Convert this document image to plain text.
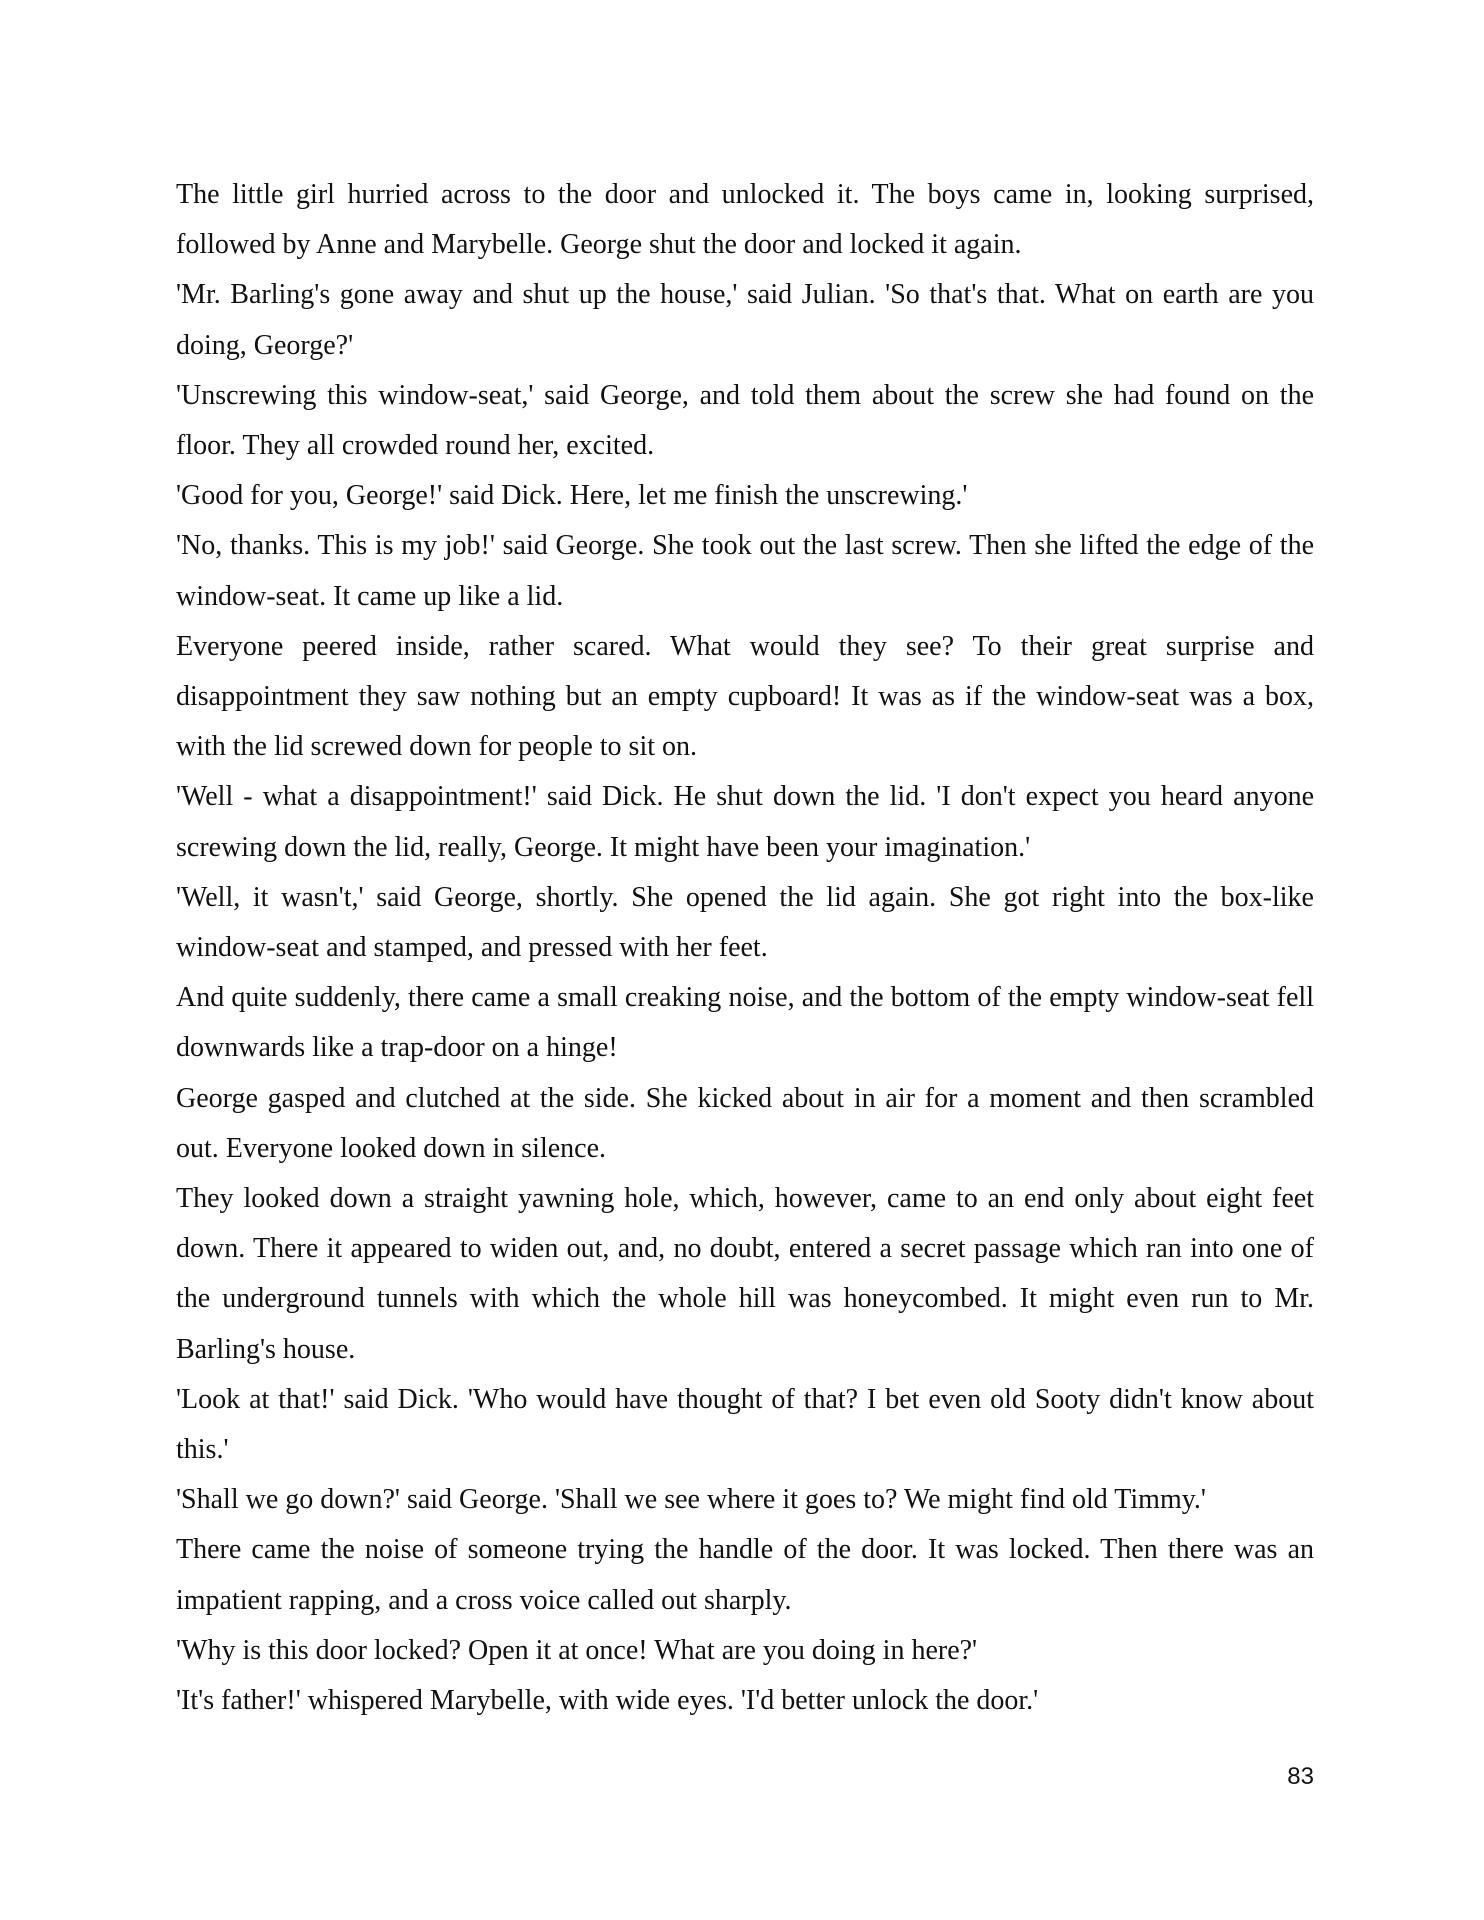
The little girl hurried across to the door and unlocked it. The boys came in, looking surprised, followed by Anne and Marybelle. George shut the door and locked it again.

'Mr. Barling's gone away and shut up the house,' said Julian. 'So that's that. What on earth are you doing, George?'

'Unscrewing this window-seat,' said George, and told them about the screw she had found on the floor. They all crowded round her, excited.

'Good for you, George!' said Dick. Here, let me finish the unscrewing.'

'No, thanks. This is my job!' said George. She took out the last screw. Then she lifted the edge of the window-seat. It came up like a lid.

Everyone peered inside, rather scared. What would they see? To their great surprise and disappointment they saw nothing but an empty cupboard! It was as if the window-seat was a box, with the lid screwed down for people to sit on.

'Well - what a disappointment!' said Dick. He shut down the lid. 'I don't expect you heard anyone screwing down the lid, really, George. It might have been your imagination.'

'Well, it wasn't,' said George, shortly. She opened the lid again. She got right into the box-like window-seat and stamped, and pressed with her feet.

And quite suddenly, there came a small creaking noise, and the bottom of the empty window-seat fell downwards like a trap-door on a hinge!

George gasped and clutched at the side. She kicked about in air for a moment and then scrambled out. Everyone looked down in silence.

They looked down a straight yawning hole, which, however, came to an end only about eight feet down. There it appeared to widen out, and, no doubt, entered a secret passage which ran into one of the underground tunnels with which the whole hill was honeycombed. It might even run to Mr. Barling's house.

'Look at that!' said Dick. 'Who would have thought of that? I bet even old Sooty didn't know about this.'

'Shall we go down?' said George. 'Shall we see where it goes to? We might find old Timmy.'

There came the noise of someone trying the handle of the door. It was locked. Then there was an impatient rapping, and a cross voice called out sharply.

'Why is this door locked? Open it at once! What are you doing in here?'

'It's father!' whispered Marybelle, with wide eyes. 'I'd better unlock the door.'

83
